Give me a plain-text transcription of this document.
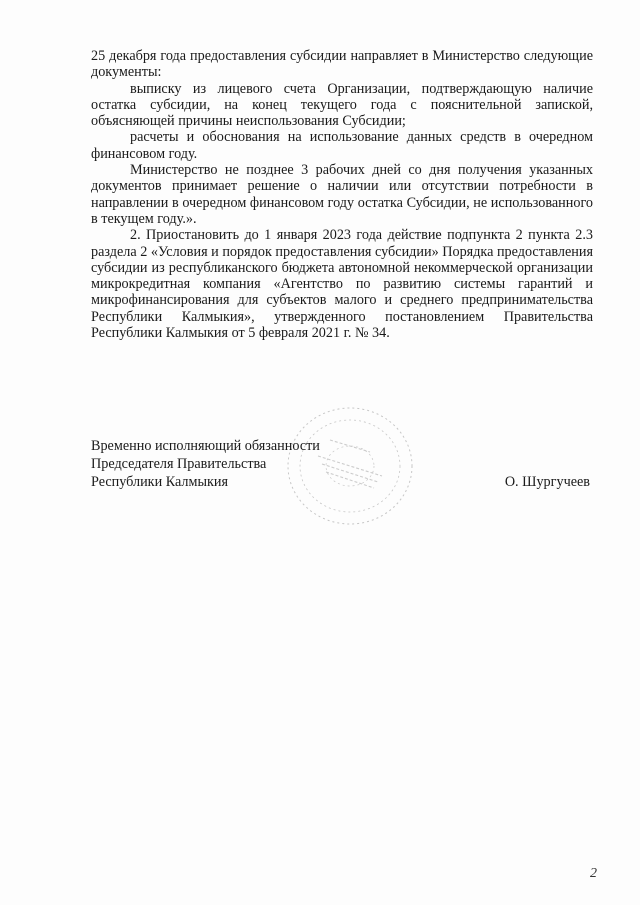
25 декабря года предоставления субсидии направляет в Министерство следующие документы:

выписку из лицевого счета Организации, подтверждающую наличие остатка субсидии, на конец текущего года с пояснительной запиской, объясняющей причины неиспользования Субсидии;

расчеты и обоснования на использование данных средств в очередном финансовом году.

Министерство не позднее 3 рабочих дней со дня получения указанных документов принимает решение о наличии или отсутствии потребности в направлении в очередном финансовом году остатка Субсидии, не использованного в текущем году.».

2. Приостановить до 1 января 2023 года действие подпункта 2 пункта 2.3 раздела 2 «Условия и порядок предоставления субсидии» Порядка предоставления субсидии из республиканского бюджета автономной некоммерческой организации микрокредитная компания «Агентство по развитию системы гарантий и микрофинансирования для субъектов малого и среднего предпринимательства Республики Калмыкия», утвержденного постановлением Правительства Республики Калмыкия от 5 февраля 2021 г. № 34.

Временно исполняющий обязанности
Председателя Правительства
Республики Калмыкия	О. Шургучеев
2
